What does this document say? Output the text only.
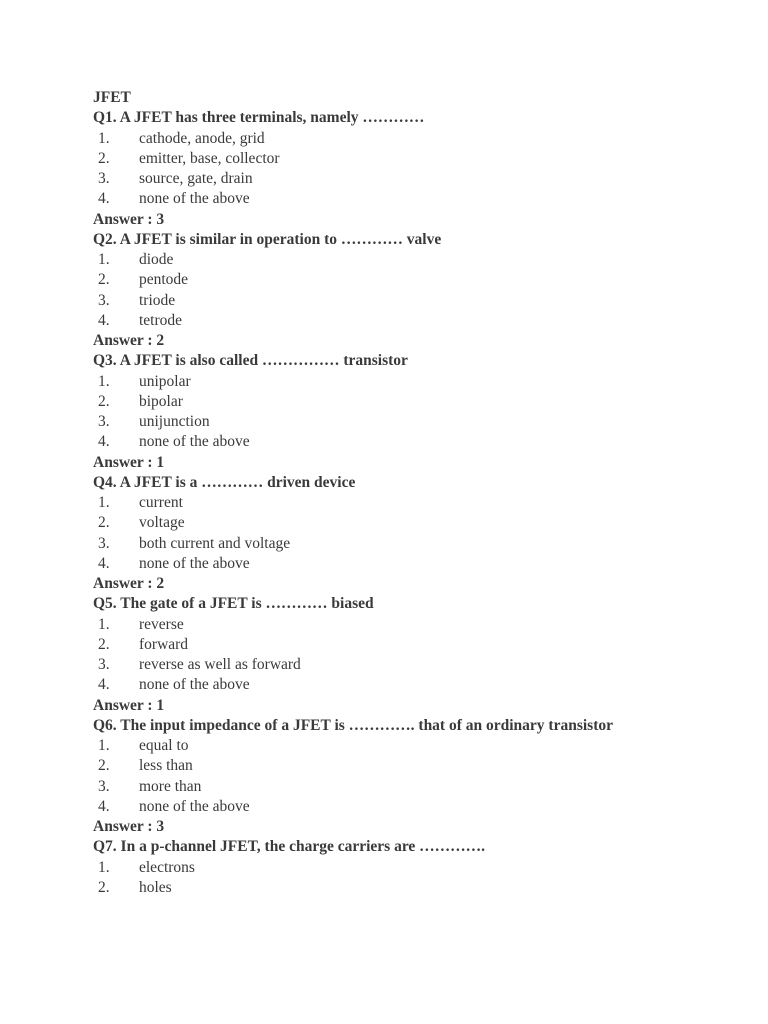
JFET
Q1. A JFET has three terminals, namely …………
1.	cathode, anode, grid
2.	emitter, base, collector
3.	source, gate, drain
4.	none of the above
Answer : 3
Q2. A JFET is similar in operation to ………… valve
1.	diode
2.	pentode
3.	triode
4.	tetrode
Answer : 2
Q3. A JFET is also called …………… transistor
1.	unipolar
2.	bipolar
3.	unijunction
4.	none of the above
Answer : 1
Q4. A JFET is a ………… driven device
1.	current
2.	voltage
3.	both current and voltage
4.	none of the above
Answer : 2
Q5. The gate of a JFET is ………… biased
1.	reverse
2.	forward
3.	reverse as well as forward
4.	none of the above
Answer : 1
Q6. The input impedance of a JFET is …………. that of an ordinary transistor
1.	equal to
2.	less than
3.	more than
4.	none of the above
Answer : 3
Q7. In a p-channel JFET, the charge carriers are ………….
1.	electrons
2.	holes
